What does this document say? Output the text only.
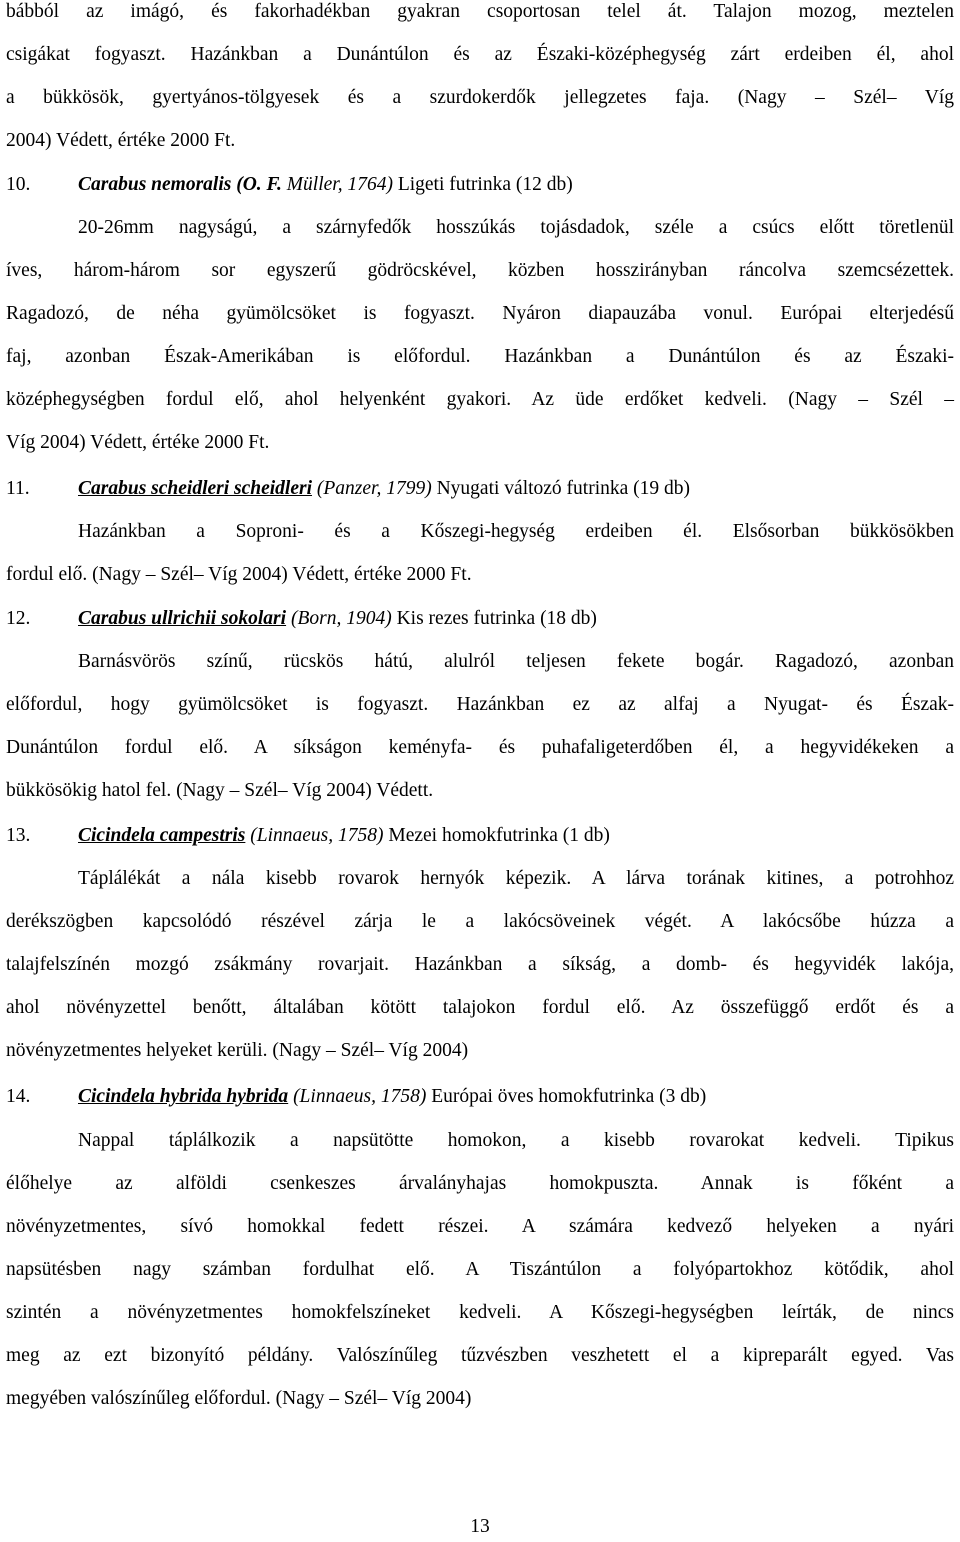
bábból az imágó, és fakorhadékban gyakran csoportosan telel át. Talajon mozog, meztelen
csigákat fogyaszt. Hazánkban a Dunántúlon és az Északi-középhegység zárt erdeiben él, ahol
a bükkösök, gyertyános-tölgyesek és a szurdokerdők jellegzetes faja. (Nagy – Szél– Víg
2004) Védett, értéke 2000 Ft.
10.	Carabus nemoralis (O. F. Müller, 1764) Ligeti futrinka (12 db)
20-26mm nagyságú, a szárnyfedők hosszúkás tojásdadok, széle a csúcs előtt töretlenül
íves, három-három sor egyszerű gödröcskével, közben hosszirányban ráncolva szemcsézettek.
Ragadozó, de néha gyümölcsöket is fogyaszt. Nyáron diapauzába vonul. Európai elterjedésű
faj, azonban Észak-Amerikában is előfordul. Hazánkban a Dunántúlon és az Északi-
középhegységben fordul elő, ahol helyenként gyakori. Az üde erdőket kedveli. (Nagy – Szél –
Víg 2004) Védett, értéke 2000 Ft.
11.	Carabus scheidleri scheidleri (Panzer, 1799) Nyugati változó futrinka (19 db)
Hazánkban a Soproni- és a Kőszegi-hegység erdeiben él. Elsősorban bükkösökben
fordul elő. (Nagy – Szél– Víg 2004) Védett, értéke 2000 Ft.
12.	Carabus ullrichii sokolari (Born, 1904) Kis rezes futrinka (18 db)
Barnásvörös színű, rücskös hátú, alulról teljesen fekete bogár. Ragadozó, azonban
előfordul, hogy gyümölcsöket is fogyaszt. Hazánkban ez az alfaj a Nyugat- és Észak-
Dunántúlon fordul elő. A síkságon keményfa- és puhafaligeterdőben él, a hegyvidékeken a
bükkösökig hatol fel. (Nagy – Szél– Víg 2004) Védett.
13.	Cicindela campestris (Linnaeus, 1758) Mezei homokfutrinka (1 db)
Táplálékát a nála kisebb rovarok hernyók képezik. A lárva torának kitines, a potrohhoz
derékszögben kapcsolódó részével zárja le a lakócsöveinek végét. A lakócsőbe húzza a
talajfelszínén mozgó zsákmány rovarjait. Hazánkban a síkság, a domb- és hegyvidék lakója,
ahol növényzettel benőtt, általában kötött talajokon fordul elő. Az összefüggő erdőt és a
növényzetmentes helyeket kerüli. (Nagy – Szél– Víg 2004)
14.	Cicindela hybrida hybrida (Linnaeus, 1758) Európai öves homokfutrinka (3 db)
Nappal táplálkozik a napsütötte homokon, a kisebb rovarokat kedveli. Tipikus
élőhelye az alföldi csenkeszes árvalányhajas homokpuszta. Annak is főként a
növényzetmentes, sívó homokkal fedett részei. A számára kedvező helyeken a nyári
napsütésben nagy számban fordulhat elő. A Tiszántúlon a folyópartokhoz kötődik, ahol
szintén a növényzetmentes homokfelszíneket kedveli. A Kőszegi-hegységben leírták, de nincs
meg az ezt bizonyító példány. Valószínűleg tűzvészben veszhetett el a kipreparált egyed. Vas
megyében valószínűleg előfordul. (Nagy – Szél– Víg 2004)
13
